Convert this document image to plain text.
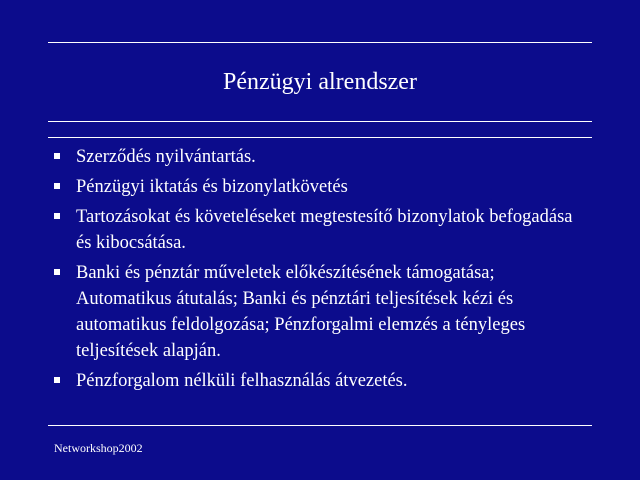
Pénzügyi alrendszer
Szerződés nyilvántartás.
Pénzügyi iktatás és bizonylatkövetés
Tartozásokat és követeléseket megtestesítő bizonylatok befogadása és kibocsátása.
Banki és pénztár műveletek előkészítésének támogatása; Automatikus átutalás; Banki és pénztári teljesítések kézi és automatikus feldolgozása; Pénzforgalmi elemzés a tényleges teljesítések alapján.
Pénzforgalom nélküli felhasználás átvezetés.
Networkshop2002
